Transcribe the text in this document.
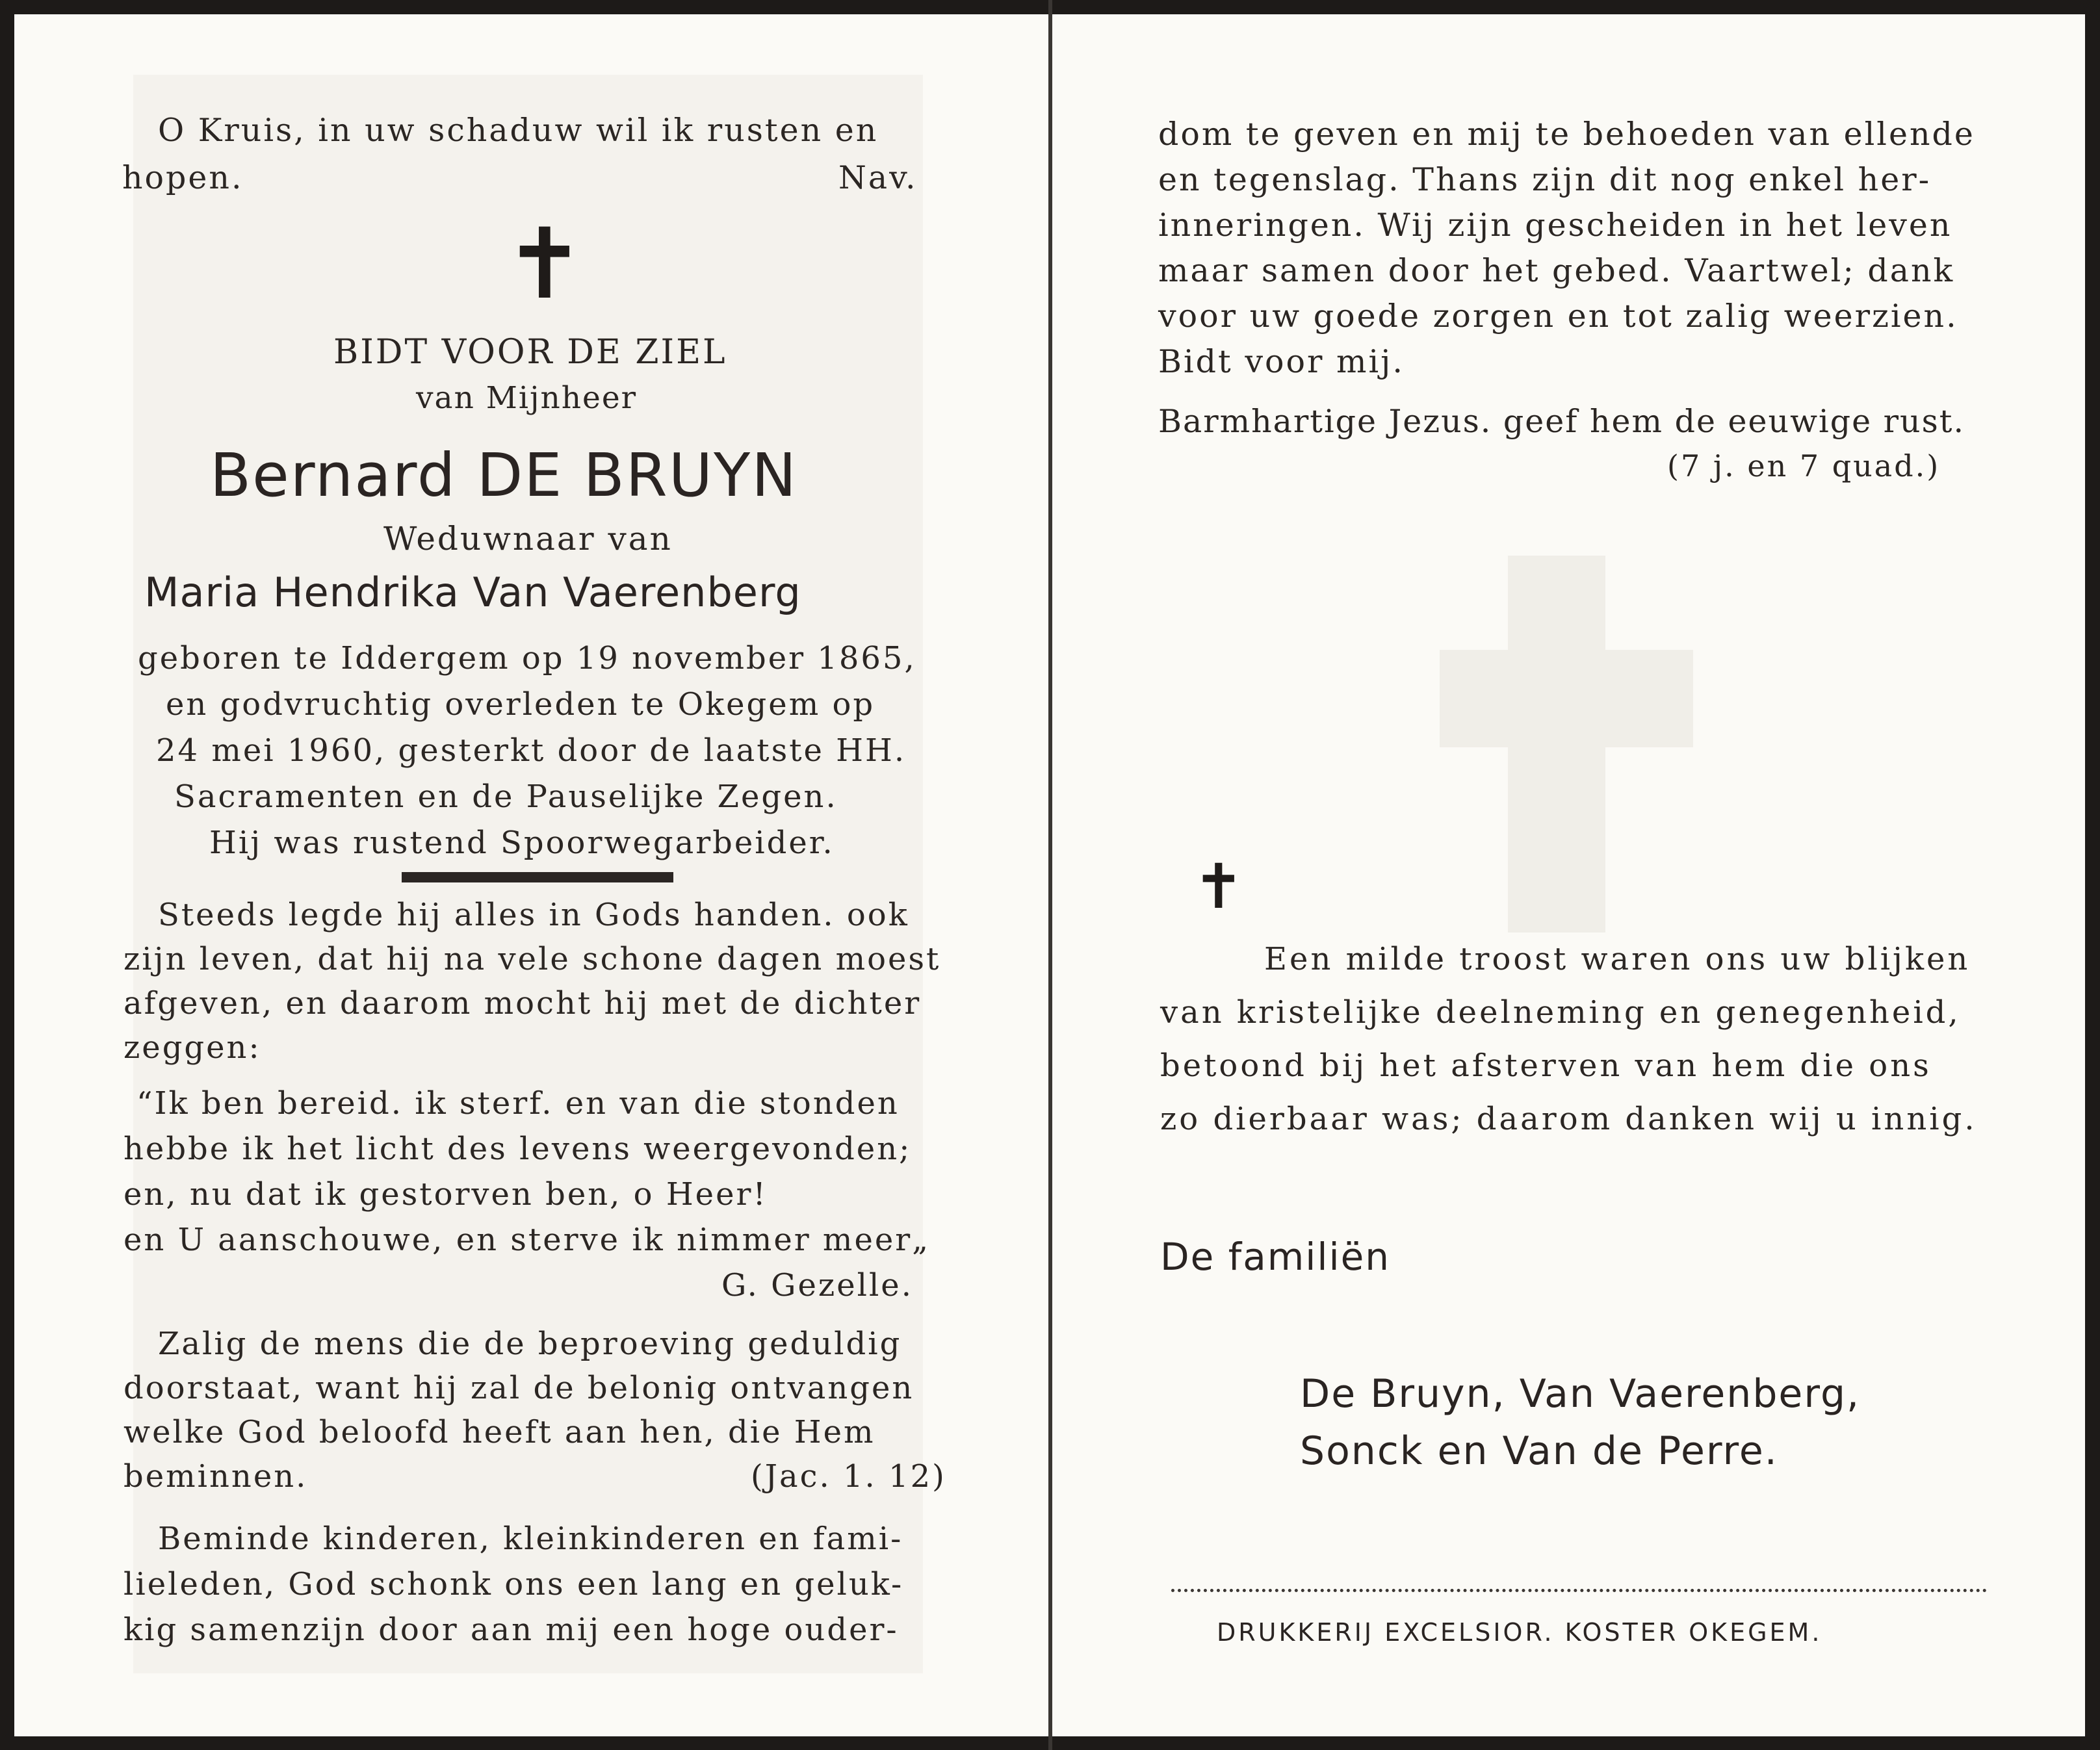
O Kruis, in uw schaduw wil ik rusten en
hopen.	Nav.
✝
BIDT VOOR DE ZIEL
van Mijnheer
Bernard DE BRUYN
Weduwnaar van
Maria Hendrika Van Vaerenberg
geboren te Iddergem op 19 november 1865,
en godvruchtig overleden te Okegem op
24 mei 1960, gesterkt door de laatste HH.
Sacramenten en de Pauselijke Zegen.
Hij was rustend Spoorwegarbeider.
Steeds legde hij alles in Gods handen. ook
zijn leven, dat hij na vele schone dagen moest
afgeven, en daarom mocht hij met de dichter
zeggen:
“Ik ben bereid. ik sterf. en van die stonden
hebbe ik het licht des levens weergevonden;
en, nu dat ik gestorven ben, o Heer!
en U aanschouwe, en sterve ik nimmer meer„
G. Gezelle.
Zalig de mens die de beproeving geduldig
doorstaat, want hij zal de belonig ontvangen
welke God beloofd heeft aan hen, die Hem
beminnen.	(Jac. 1. 12)
Beminde kinderen, kleinkinderen en fami-
lieleden, God schonk ons een lang en geluk-
kig samenzijn door aan mij een hoge ouder-
dom te geven en mij te behoeden van ellende
en tegenslag. Thans zijn dit nog enkel her-
inneringen. Wij zijn gescheiden in het leven
maar samen door het gebed. Vaartwel; dank
voor uw goede zorgen en tot zalig weerzien.
Bidt voor mij.
Barmhartige Jezus. geef hem de eeuwige rust.
(7 j. en 7 quad.)
✝
Een milde troost waren ons uw blijken
van kristelijke deelneming en genegenheid,
betoond bij het afsterven van hem die ons
zo dierbaar was; daarom danken wij u innig.
De familiën
De Bruyn, Van Vaerenberg,
Sonck en Van de Perre.
DRUKKERIJ EXCELSIOR. KOSTER OKEGEM.
